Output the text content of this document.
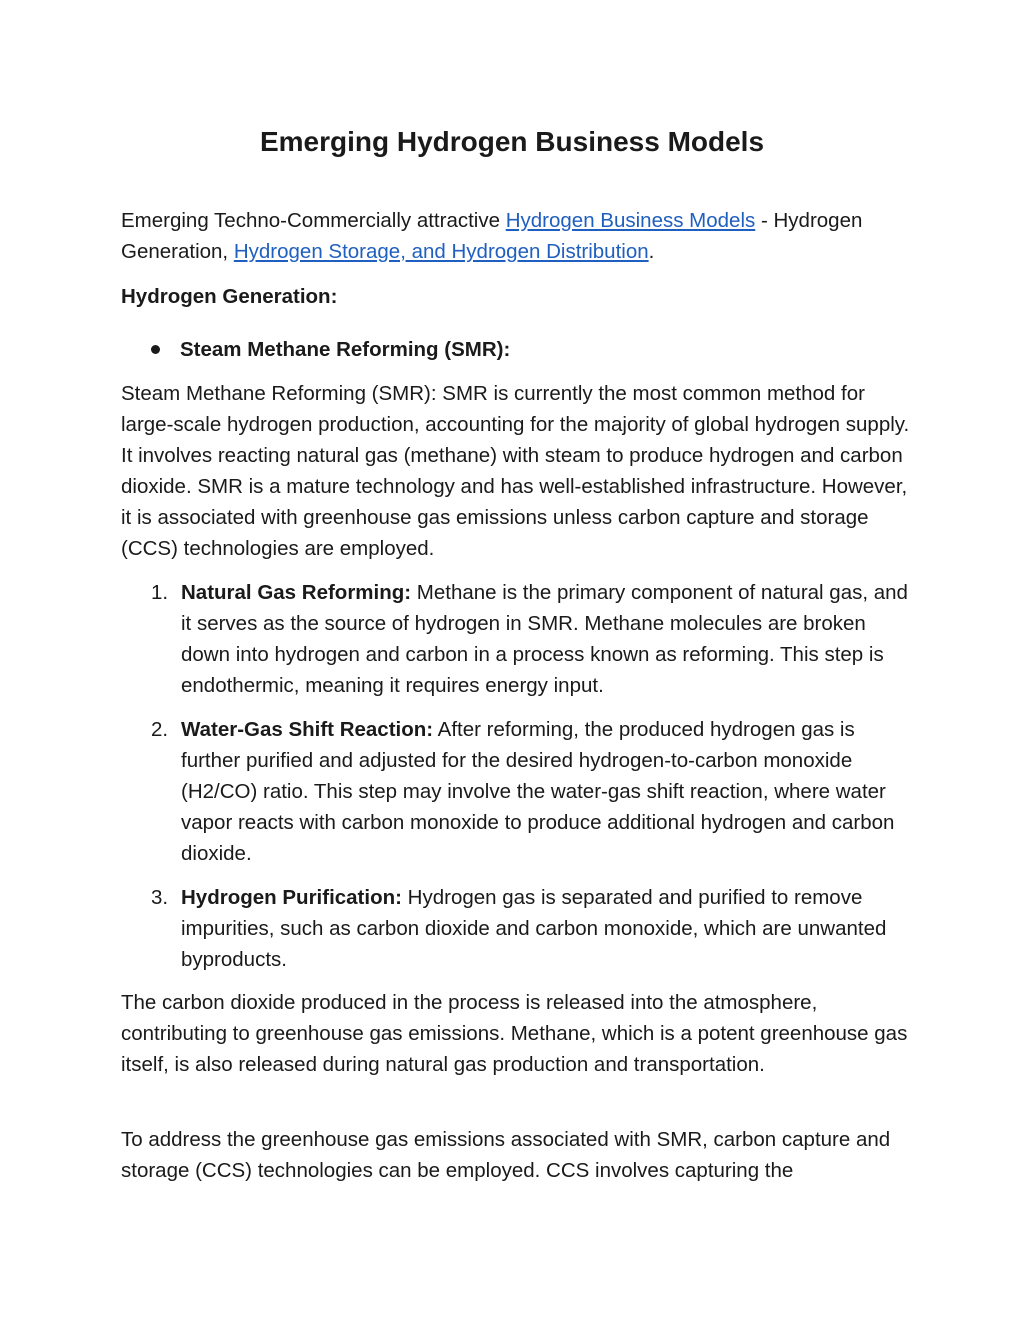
Emerging Hydrogen Business Models

Emerging Techno-Commercially attractive Hydrogen Business Models - Hydrogen Generation, Hydrogen Storage, and Hydrogen Distribution.

Hydrogen Generation:

Steam Methane Reforming (SMR):

Steam Methane Reforming (SMR): SMR is currently the most common method for large-scale hydrogen production, accounting for the majority of global hydrogen supply. It involves reacting natural gas (methane) with steam to produce hydrogen and carbon dioxide. SMR is a mature technology and has well-established infrastructure. However, it is associated with greenhouse gas emissions unless carbon capture and storage (CCS) technologies are employed.

1. Natural Gas Reforming: Methane is the primary component of natural gas, and it serves as the source of hydrogen in SMR. Methane molecules are broken down into hydrogen and carbon in a process known as reforming. This step is endothermic, meaning it requires energy input.
2. Water-Gas Shift Reaction: After reforming, the produced hydrogen gas is further purified and adjusted for the desired hydrogen-to-carbon monoxide (H2/CO) ratio. This step may involve the water-gas shift reaction, where water vapor reacts with carbon monoxide to produce additional hydrogen and carbon dioxide.
3. Hydrogen Purification: Hydrogen gas is separated and purified to remove impurities, such as carbon dioxide and carbon monoxide, which are unwanted byproducts.

The carbon dioxide produced in the process is released into the atmosphere, contributing to greenhouse gas emissions. Methane, which is a potent greenhouse gas itself, is also released during natural gas production and transportation.

To address the greenhouse gas emissions associated with SMR, carbon capture and storage (CCS) technologies can be employed. CCS involves capturing the
